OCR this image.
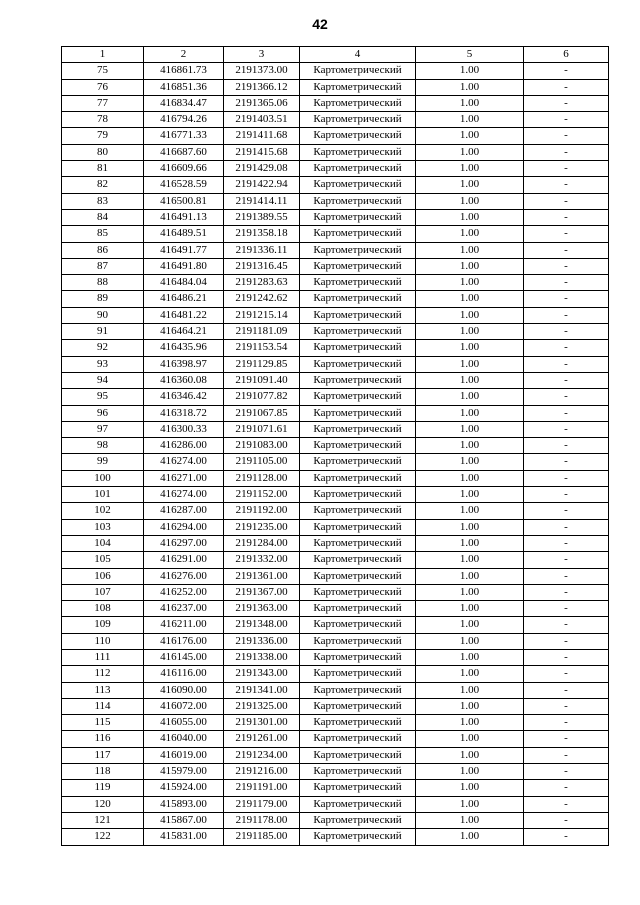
42
1	2	3	4	5	6
75	416861.73	2191373.00	Картометрический	1.00	-
76	416851.36	2191366.12	Картометрический	1.00	-
77	416834.47	2191365.06	Картометрический	1.00	-
78	416794.26	2191403.51	Картометрический	1.00	-
79	416771.33	2191411.68	Картометрический	1.00	-
80	416687.60	2191415.68	Картометрический	1.00	-
81	416609.66	2191429.08	Картометрический	1.00	-
82	416528.59	2191422.94	Картометрический	1.00	-
83	416500.81	2191414.11	Картометрический	1.00	-
84	416491.13	2191389.55	Картометрический	1.00	-
85	416489.51	2191358.18	Картометрический	1.00	-
86	416491.77	2191336.11	Картометрический	1.00	-
87	416491.80	2191316.45	Картометрический	1.00	-
88	416484.04	2191283.63	Картометрический	1.00	-
89	416486.21	2191242.62	Картометрический	1.00	-
90	416481.22	2191215.14	Картометрический	1.00	-
91	416464.21	2191181.09	Картометрический	1.00	-
92	416435.96	2191153.54	Картометрический	1.00	-
93	416398.97	2191129.85	Картометрический	1.00	-
94	416360.08	2191091.40	Картометрический	1.00	-
95	416346.42	2191077.82	Картометрический	1.00	-
96	416318.72	2191067.85	Картометрический	1.00	-
97	416300.33	2191071.61	Картометрический	1.00	-
98	416286.00	2191083.00	Картометрический	1.00	-
99	416274.00	2191105.00	Картометрический	1.00	-
100	416271.00	2191128.00	Картометрический	1.00	-
101	416274.00	2191152.00	Картометрический	1.00	-
102	416287.00	2191192.00	Картометрический	1.00	-
103	416294.00	2191235.00	Картометрический	1.00	-
104	416297.00	2191284.00	Картометрический	1.00	-
105	416291.00	2191332.00	Картометрический	1.00	-
106	416276.00	2191361.00	Картометрический	1.00	-
107	416252.00	2191367.00	Картометрический	1.00	-
108	416237.00	2191363.00	Картометрический	1.00	-
109	416211.00	2191348.00	Картометрический	1.00	-
110	416176.00	2191336.00	Картометрический	1.00	-
111	416145.00	2191338.00	Картометрический	1.00	-
112	416116.00	2191343.00	Картометрический	1.00	-
113	416090.00	2191341.00	Картометрический	1.00	-
114	416072.00	2191325.00	Картометрический	1.00	-
115	416055.00	2191301.00	Картометрический	1.00	-
116	416040.00	2191261.00	Картометрический	1.00	-
117	416019.00	2191234.00	Картометрический	1.00	-
118	415979.00	2191216.00	Картометрический	1.00	-
119	415924.00	2191191.00	Картометрический	1.00	-
120	415893.00	2191179.00	Картометрический	1.00	-
121	415867.00	2191178.00	Картометрический	1.00	-
122	415831.00	2191185.00	Картометрический	1.00	-
